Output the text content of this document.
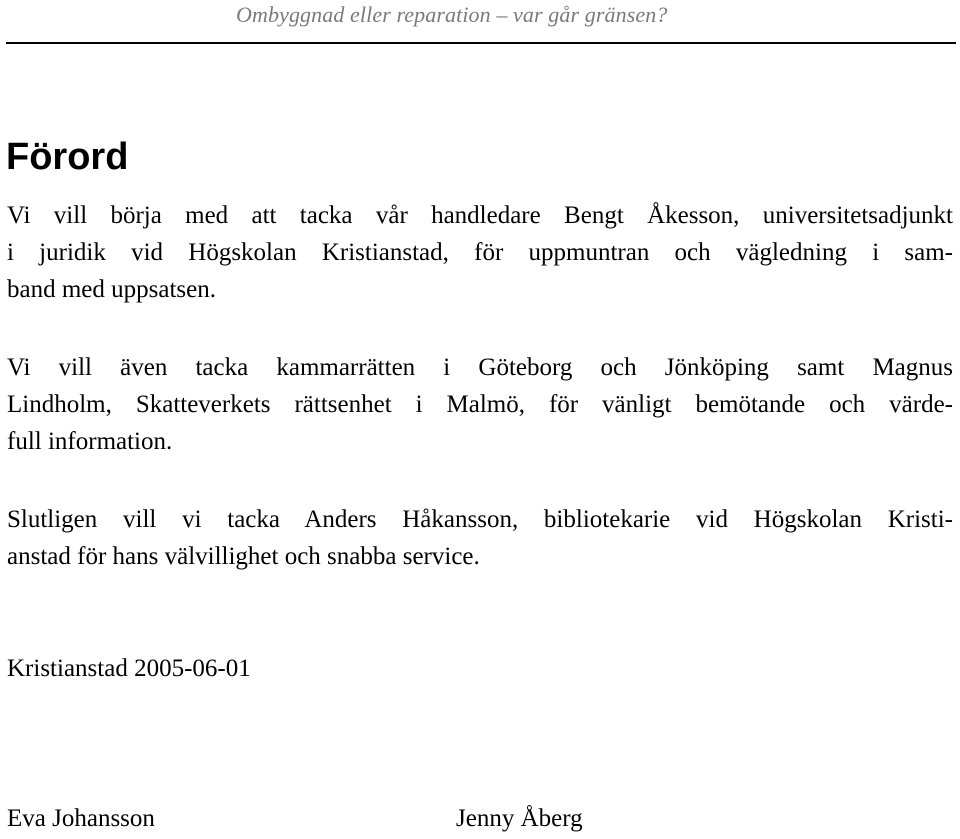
Ombyggnad eller reparation – var går gränsen?
Förord

Vi vill börja med att tacka vår handledare Bengt Åkesson, universitetsadjunkt
i juridik vid Högskolan Kristianstad, för uppmuntran och vägledning i sam-
band med uppsatsen.

Vi vill även tacka kammarrätten i Göteborg och Jönköping samt Magnus
Lindholm, Skatteverkets rättsenhet i Malmö, för vänligt bemötande och värde-
full information.

Slutligen vill vi tacka Anders Håkansson, bibliotekarie vid Högskolan Kristi-
anstad för hans välvillighet och snabba service.

Kristianstad 2005-06-01

Eva Johansson	Jenny Åberg
